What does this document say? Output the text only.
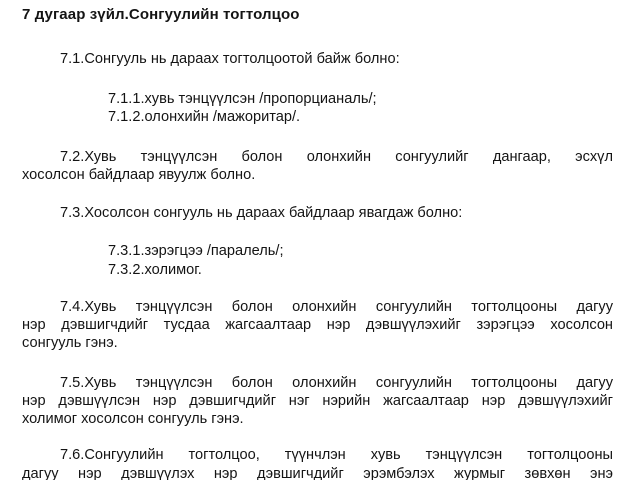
7 дугаар зүйл.Сонгуулийн тогтолцоо
7.1.Сонгууль нь дараах тогтолцоотой байж болно:
7.1.1.хувь тэнцүүлсэн /пропорцианаль/;
7.1.2.олонхийн /мажоритар/.
7.2.Хувь тэнцүүлсэн болон олонхийн сонгуулийг дангаар, эсхүл
хосолсон байдлаар явуулж болно.
7.3.Хосолсон сонгууль нь дараах байдлаар явагдаж болно:
7.3.1.зэрэгцээ /паралель/;
7.3.2.холимог.
7.4.Хувь тэнцүүлсэн болон олонхийн сонгуулийн тогтолцооны дагуу
нэр дэвшигчдийг тусдаа жагсаалтаар нэр дэвшүүлэхийг зэрэгцээ хосолсон
сонгууль гэнэ.
7.5.Хувь тэнцүүлсэн болон олонхийн сонгуулийн тогтолцооны дагуу
нэр дэвшүүлсэн нэр дэвшигчдийг нэг нэрийн жагсаалтаар нэр дэвшүүлэхийг
холимог хосолсон сонгууль гэнэ.
7.6.Сонгуулийн тогтолцоо, түүнчлэн хувь тэнцүүлсэн тогтолцооны
дагуу нэр дэвшүүлэх нэр дэвшигчдийг эрэмбэлэх журмыг зөвхөн энэ
